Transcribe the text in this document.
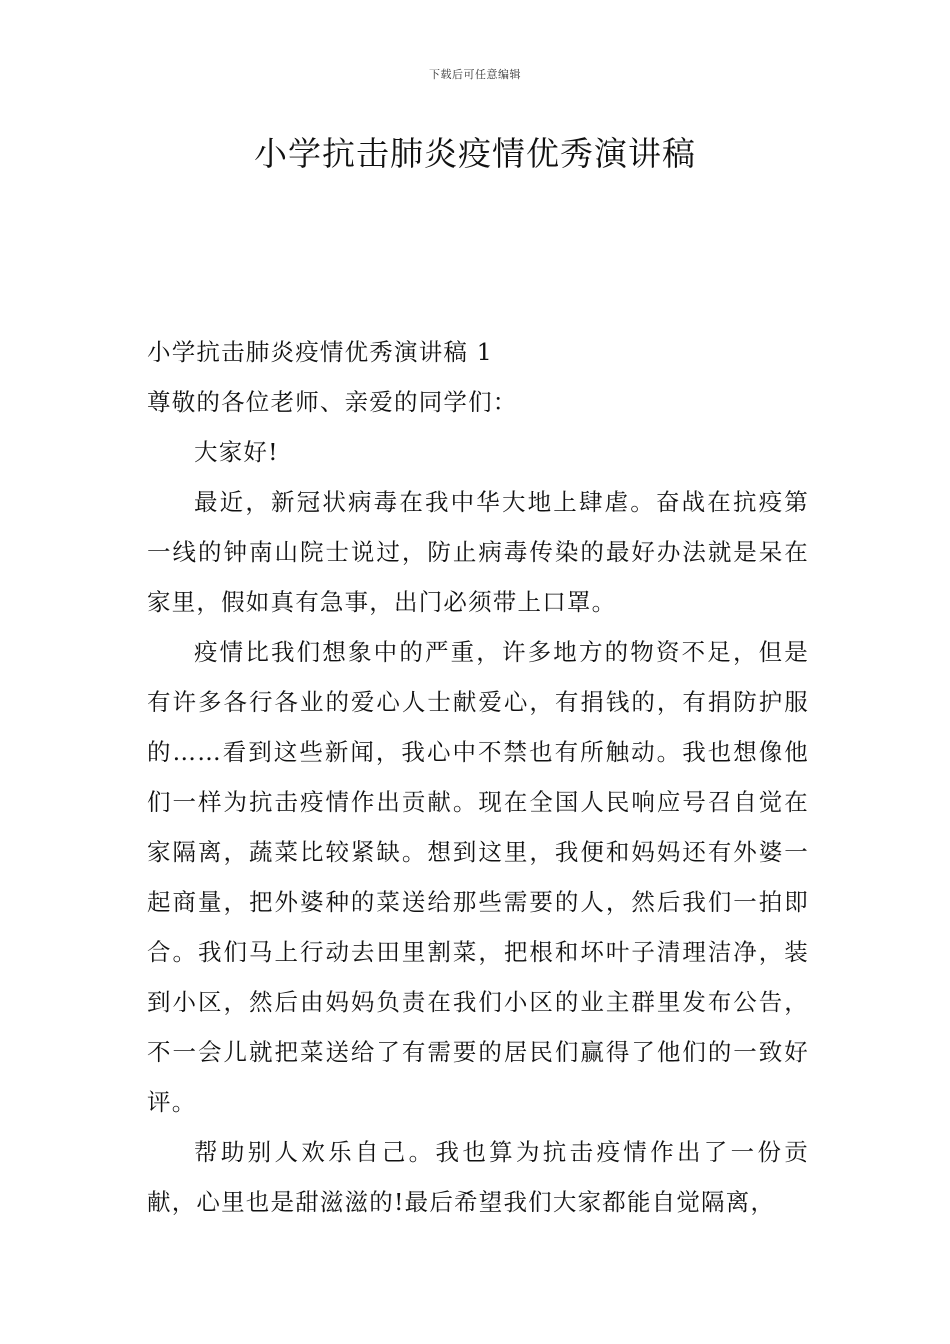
下载后可任意编辑
小学抗击肺炎疫情优秀演讲稿

小学抗击肺炎疫情优秀演讲稿 1

尊敬的各位老师、亲爱的同学们：

大家好!

最近，新冠状病毒在我中华大地上肆虐。奋战在抗疫第一线的钟南山院士说过，防止病毒传染的最好办法就是呆在家里，假如真有急事，出门必须带上口罩。

疫情比我们想象中的严重，许多地方的物资不足，但是有许多各行各业的爱心人士献爱心，有捐钱的，有捐防护服的……看到这些新闻，我心中不禁也有所触动。我也想像他们一样为抗击疫情作出贡献。现在全国人民响应号召自觉在家隔离，蔬菜比较紧缺。想到这里，我便和妈妈还有外婆一起商量，把外婆种的菜送给那些需要的人，然后我们一拍即合。我们马上行动去田里割菜，把根和坏叶子清理洁净，装到小区，然后由妈妈负责在我们小区的业主群里发布公告，不一会儿就把菜送给了有需要的居民们赢得了他们的一致好评。

帮助别人欢乐自己。我也算为抗击疫情作出了一份贡献，心里也是甜滋滋的!最后希望我们大家都能自觉隔离，
